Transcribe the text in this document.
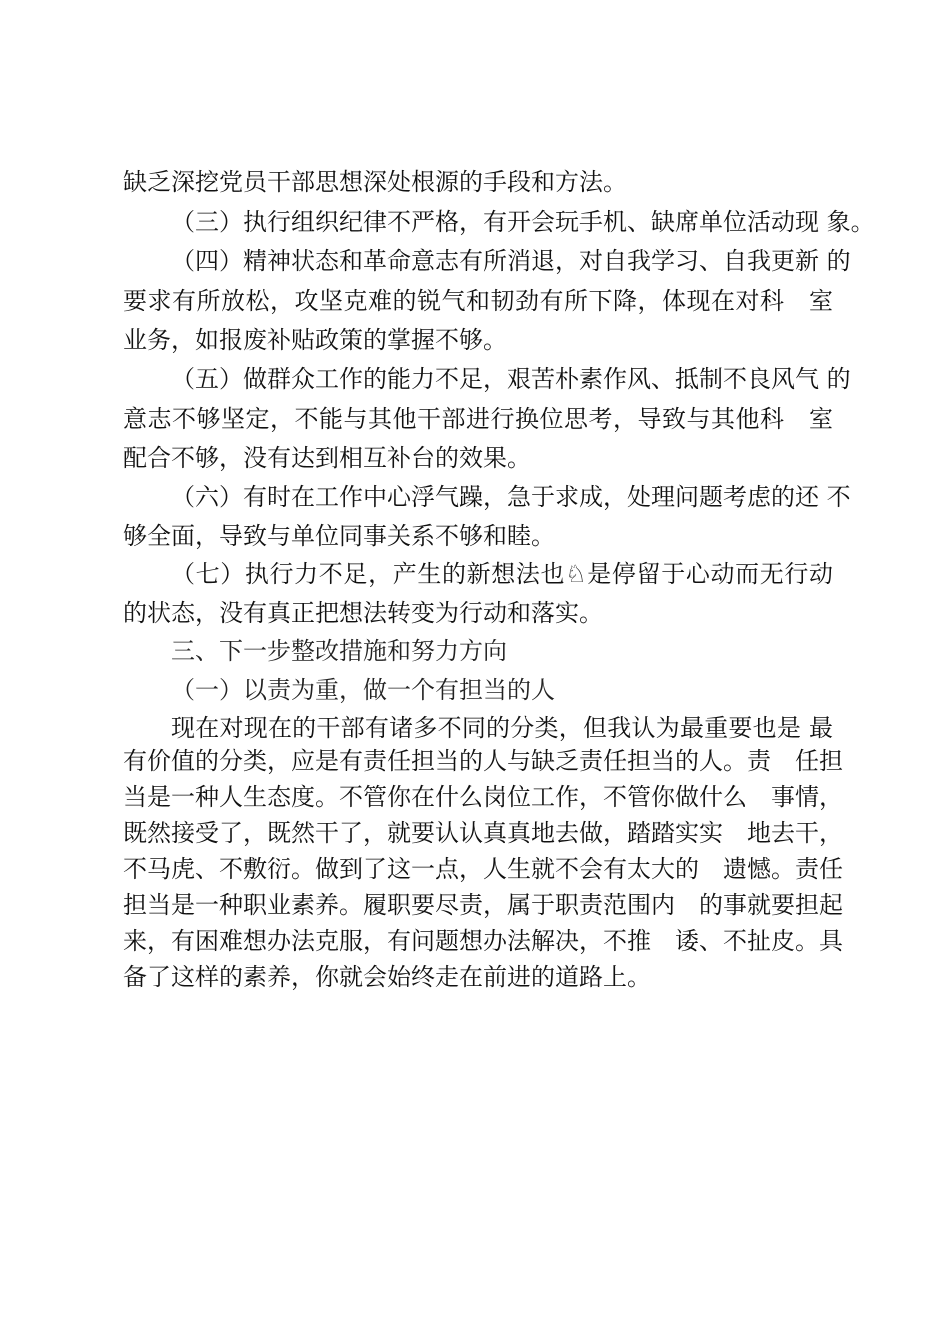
缺乏深挖党员干部思想深处根源的手段和方法。

（三）执行组织纪律不严格，有开会玩手机、缺席单位活动现 象。

（四）精神状态和革命意志有所消退，对自我学习、自我更新 的

要求有所放松，攻坚克难的锐气和韧劲有所下降，体现在对科　室

业务，如报废补贴政策的掌握不够。

（五）做群众工作的能力不足，艰苦朴素作风、抵制不良风气 的

意志不够坚定，不能与其他干部进行换位思考，导致与其他科　室

配合不够，没有达到相互补台的效果。

（六）有时在工作中心浮气躁，急于求成，处理问题考虑的还 不

够全面，导致与单位同事关系不够和睦。

（七）执行力不足，产生的新想法也♘是停留于心动而无行动

的状态，没有真正把想法转变为行动和落实。

三、下一步整改措施和努力方向

（一）以责为重，做一个有担当的人

现在对现在的干部有诸多不同的分类，但我认为最重要也是 最

有价值的分类，应是有责任担当的人与缺乏责任担当的人。责　任担

当是一种人生态度。不管你在什么岗位工作，不管你做什么　事情，

既然接受了，既然干了，就要认认真真地去做，踏踏实实　地去干，

不马虎、不敷衍。做到了这一点，人生就不会有太大的　遗憾。责任

担当是一种职业素养。履职要尽责，属于职责范围内　的事就要担起

来，有困难想办法克服，有问题想办法解决，不推　诿、不扯皮。具

备了这样的素养，你就会始终走在前进的道路上。
